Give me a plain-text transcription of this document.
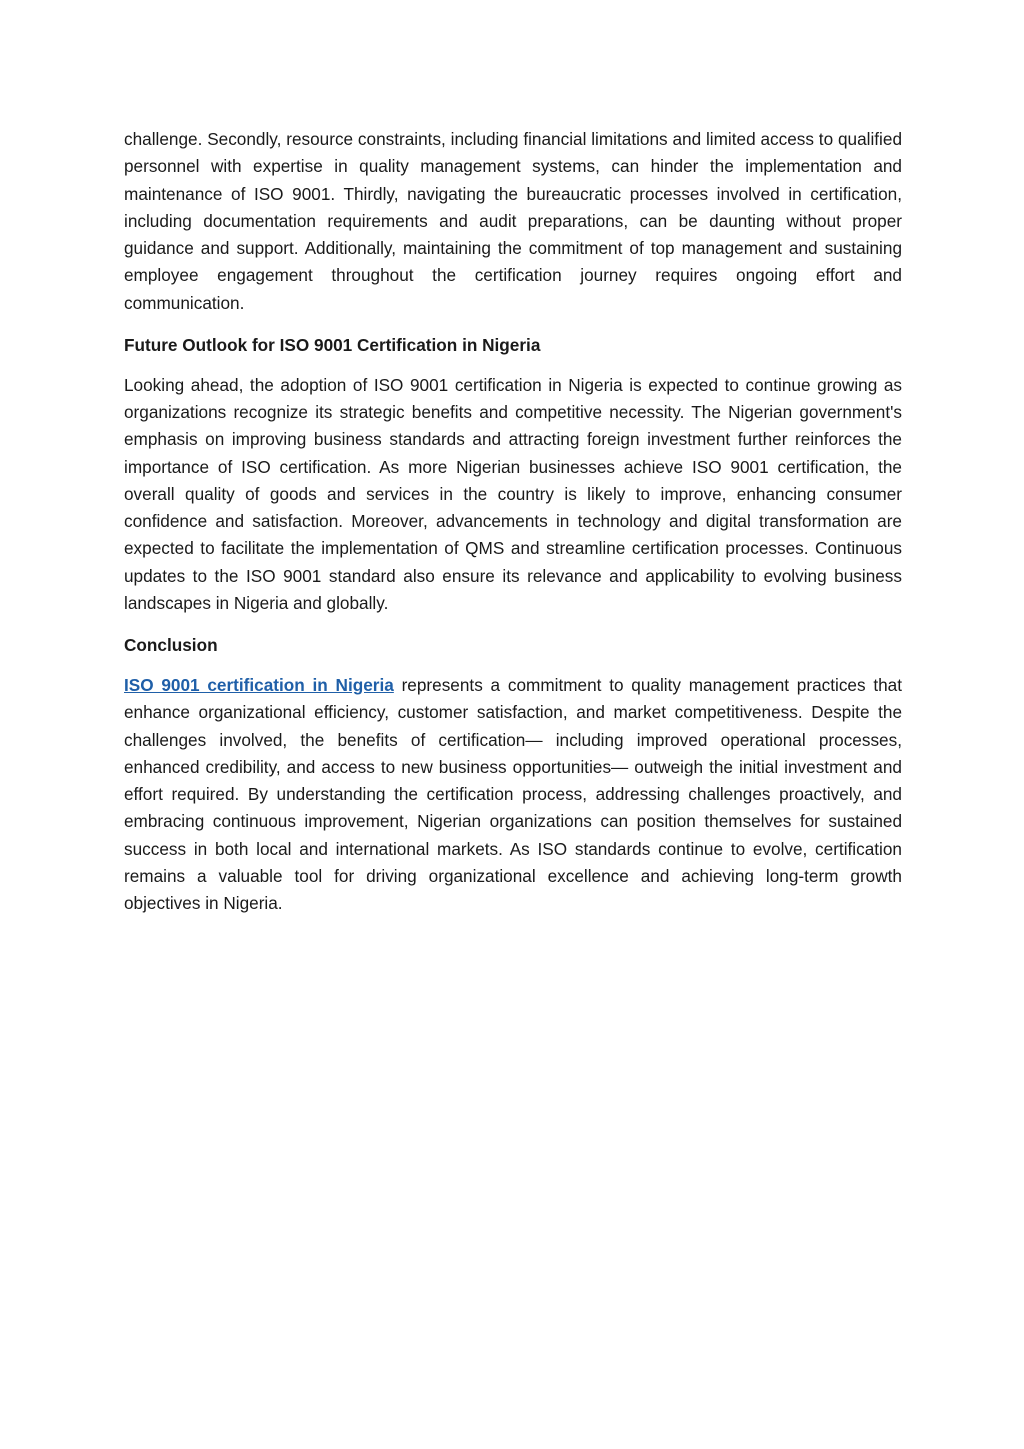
challenge. Secondly, resource constraints, including financial limitations and limited access to qualified personnel with expertise in quality management systems, can hinder the implementation and maintenance of ISO 9001. Thirdly, navigating the bureaucratic processes involved in certification, including documentation requirements and audit preparations, can be daunting without proper guidance and support. Additionally, maintaining the commitment of top management and sustaining employee engagement throughout the certification journey requires ongoing effort and communication.

Future Outlook for ISO 9001 Certification in Nigeria

Looking ahead, the adoption of ISO 9001 certification in Nigeria is expected to continue growing as organizations recognize its strategic benefits and competitive necessity. The Nigerian government's emphasis on improving business standards and attracting foreign investment further reinforces the importance of ISO certification. As more Nigerian businesses achieve ISO 9001 certification, the overall quality of goods and services in the country is likely to improve, enhancing consumer confidence and satisfaction. Moreover, advancements in technology and digital transformation are expected to facilitate the implementation of QMS and streamline certification processes. Continuous updates to the ISO 9001 standard also ensure its relevance and applicability to evolving business landscapes in Nigeria and globally.

Conclusion

ISO 9001 certification in Nigeria represents a commitment to quality management practices that enhance organizational efficiency, customer satisfaction, and market competitiveness. Despite the challenges involved, the benefits of certification— including improved operational processes, enhanced credibility, and access to new business opportunities— outweigh the initial investment and effort required. By understanding the certification process, addressing challenges proactively, and embracing continuous improvement, Nigerian organizations can position themselves for sustained success in both local and international markets. As ISO standards continue to evolve, certification remains a valuable tool for driving organizational excellence and achieving long-term growth objectives in Nigeria.
